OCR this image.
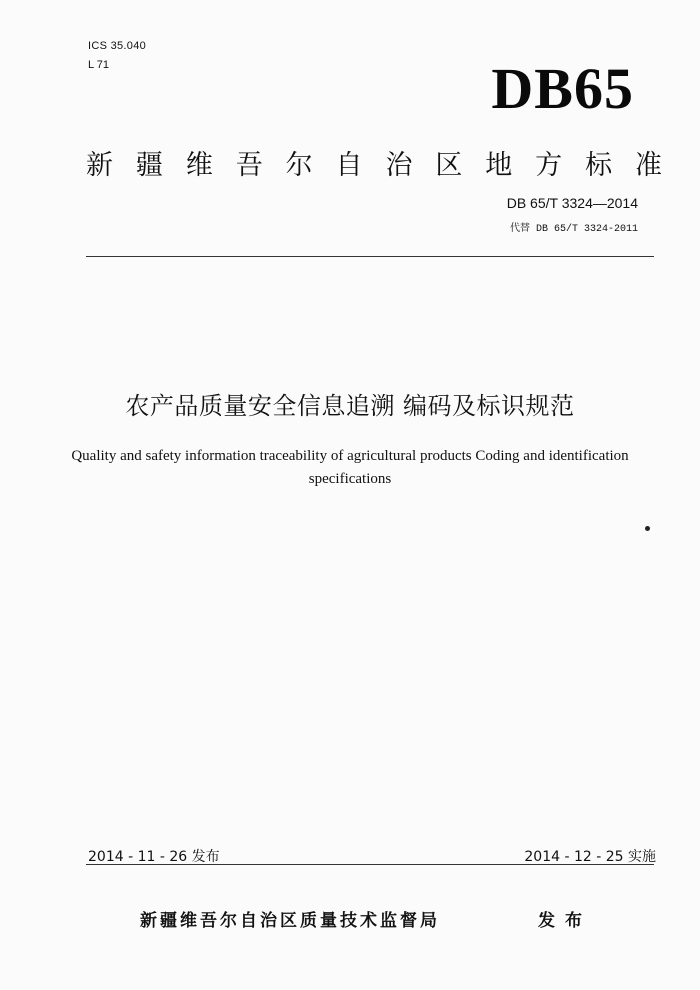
ICS 35.040
L 71	DB65
新 疆 维 吾 尔 自 治 区 地 方 标 准
DB 65/T 3324—2014
代替 DB 65/T 3324-2011
农产品质量安全信息追溯 编码及标识规范
Quality and safety information traceability of agricultural products Coding and identification specifications
2014 - 11 - 26 发布	2014 - 12 - 25 实施
新疆维吾尔自治区质量技术监督局	发布
